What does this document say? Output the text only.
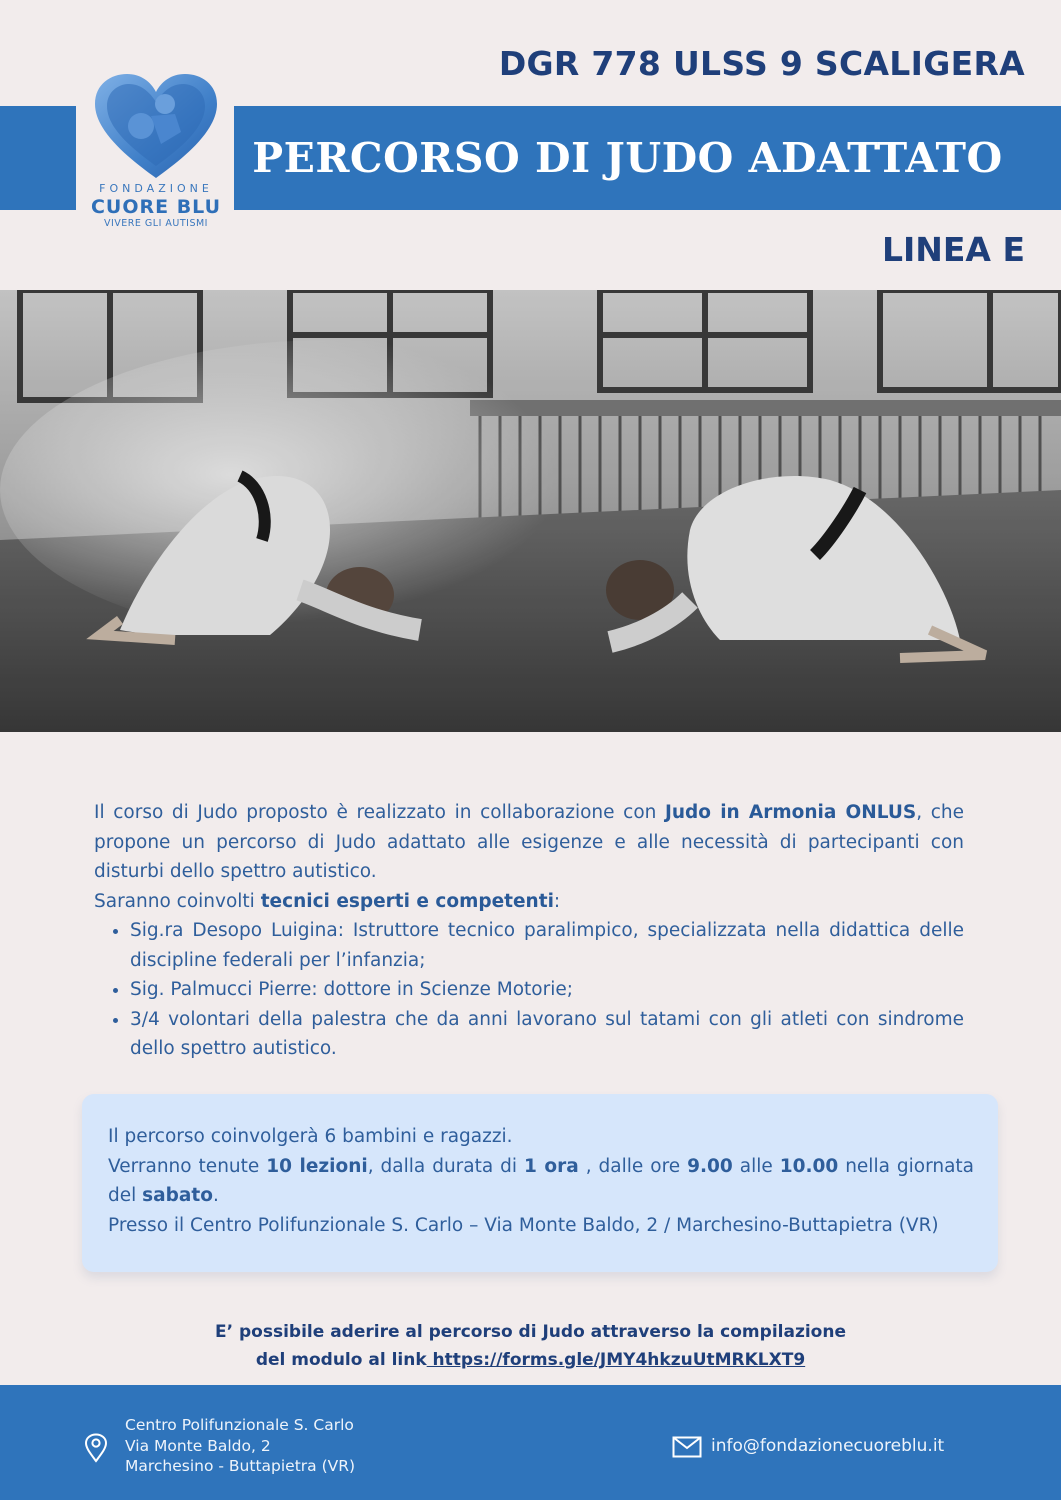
DGR 778 ULSS 9 SCALIGERA
PERCORSO DI JUDO ADATTATO
FONDAZIONE
CUORE BLU
VIVERE GLI AUTISMI
LINEA E

Il corso di Judo proposto è realizzato in collaborazione con Judo in Armonia ONLUS, che propone un percorso di Judo adattato alle esigenze e alle necessità di partecipanti con disturbi dello spettro autistico.

Saranno coinvolti tecnici esperti e competenti:

• Sig.ra Desopo Luigina: Istruttore tecnico paralimpico, specializzata nella didattica delle discipline federali per l’infanzia;
• Sig. Palmucci Pierre: dottore in Scienze Motorie;
• 3/4 volontari della palestra che da anni lavorano sul tatami con gli atleti con sindrome dello spettro autistico.

Il percorso coinvolgerà 6 bambini e ragazzi.

Verranno tenute 10 lezioni, dalla durata di 1 ora , dalle ore 9.00 alle 10.00 nella giornata del sabato.

Presso il Centro Polifunzionale S. Carlo – Via Monte Baldo, 2 / Marchesino-Buttapietra (VR)

E’ possibile aderire al percorso di Judo attraverso la compilazione
del modulo al link https://forms.gle/JMY4hkzuUtMRKLXT9
Centro Polifunzionale S. Carlo
Via Monte Baldo, 2
Marchesino - Buttapietra (VR)
info@fondazionecuoreblu.it
